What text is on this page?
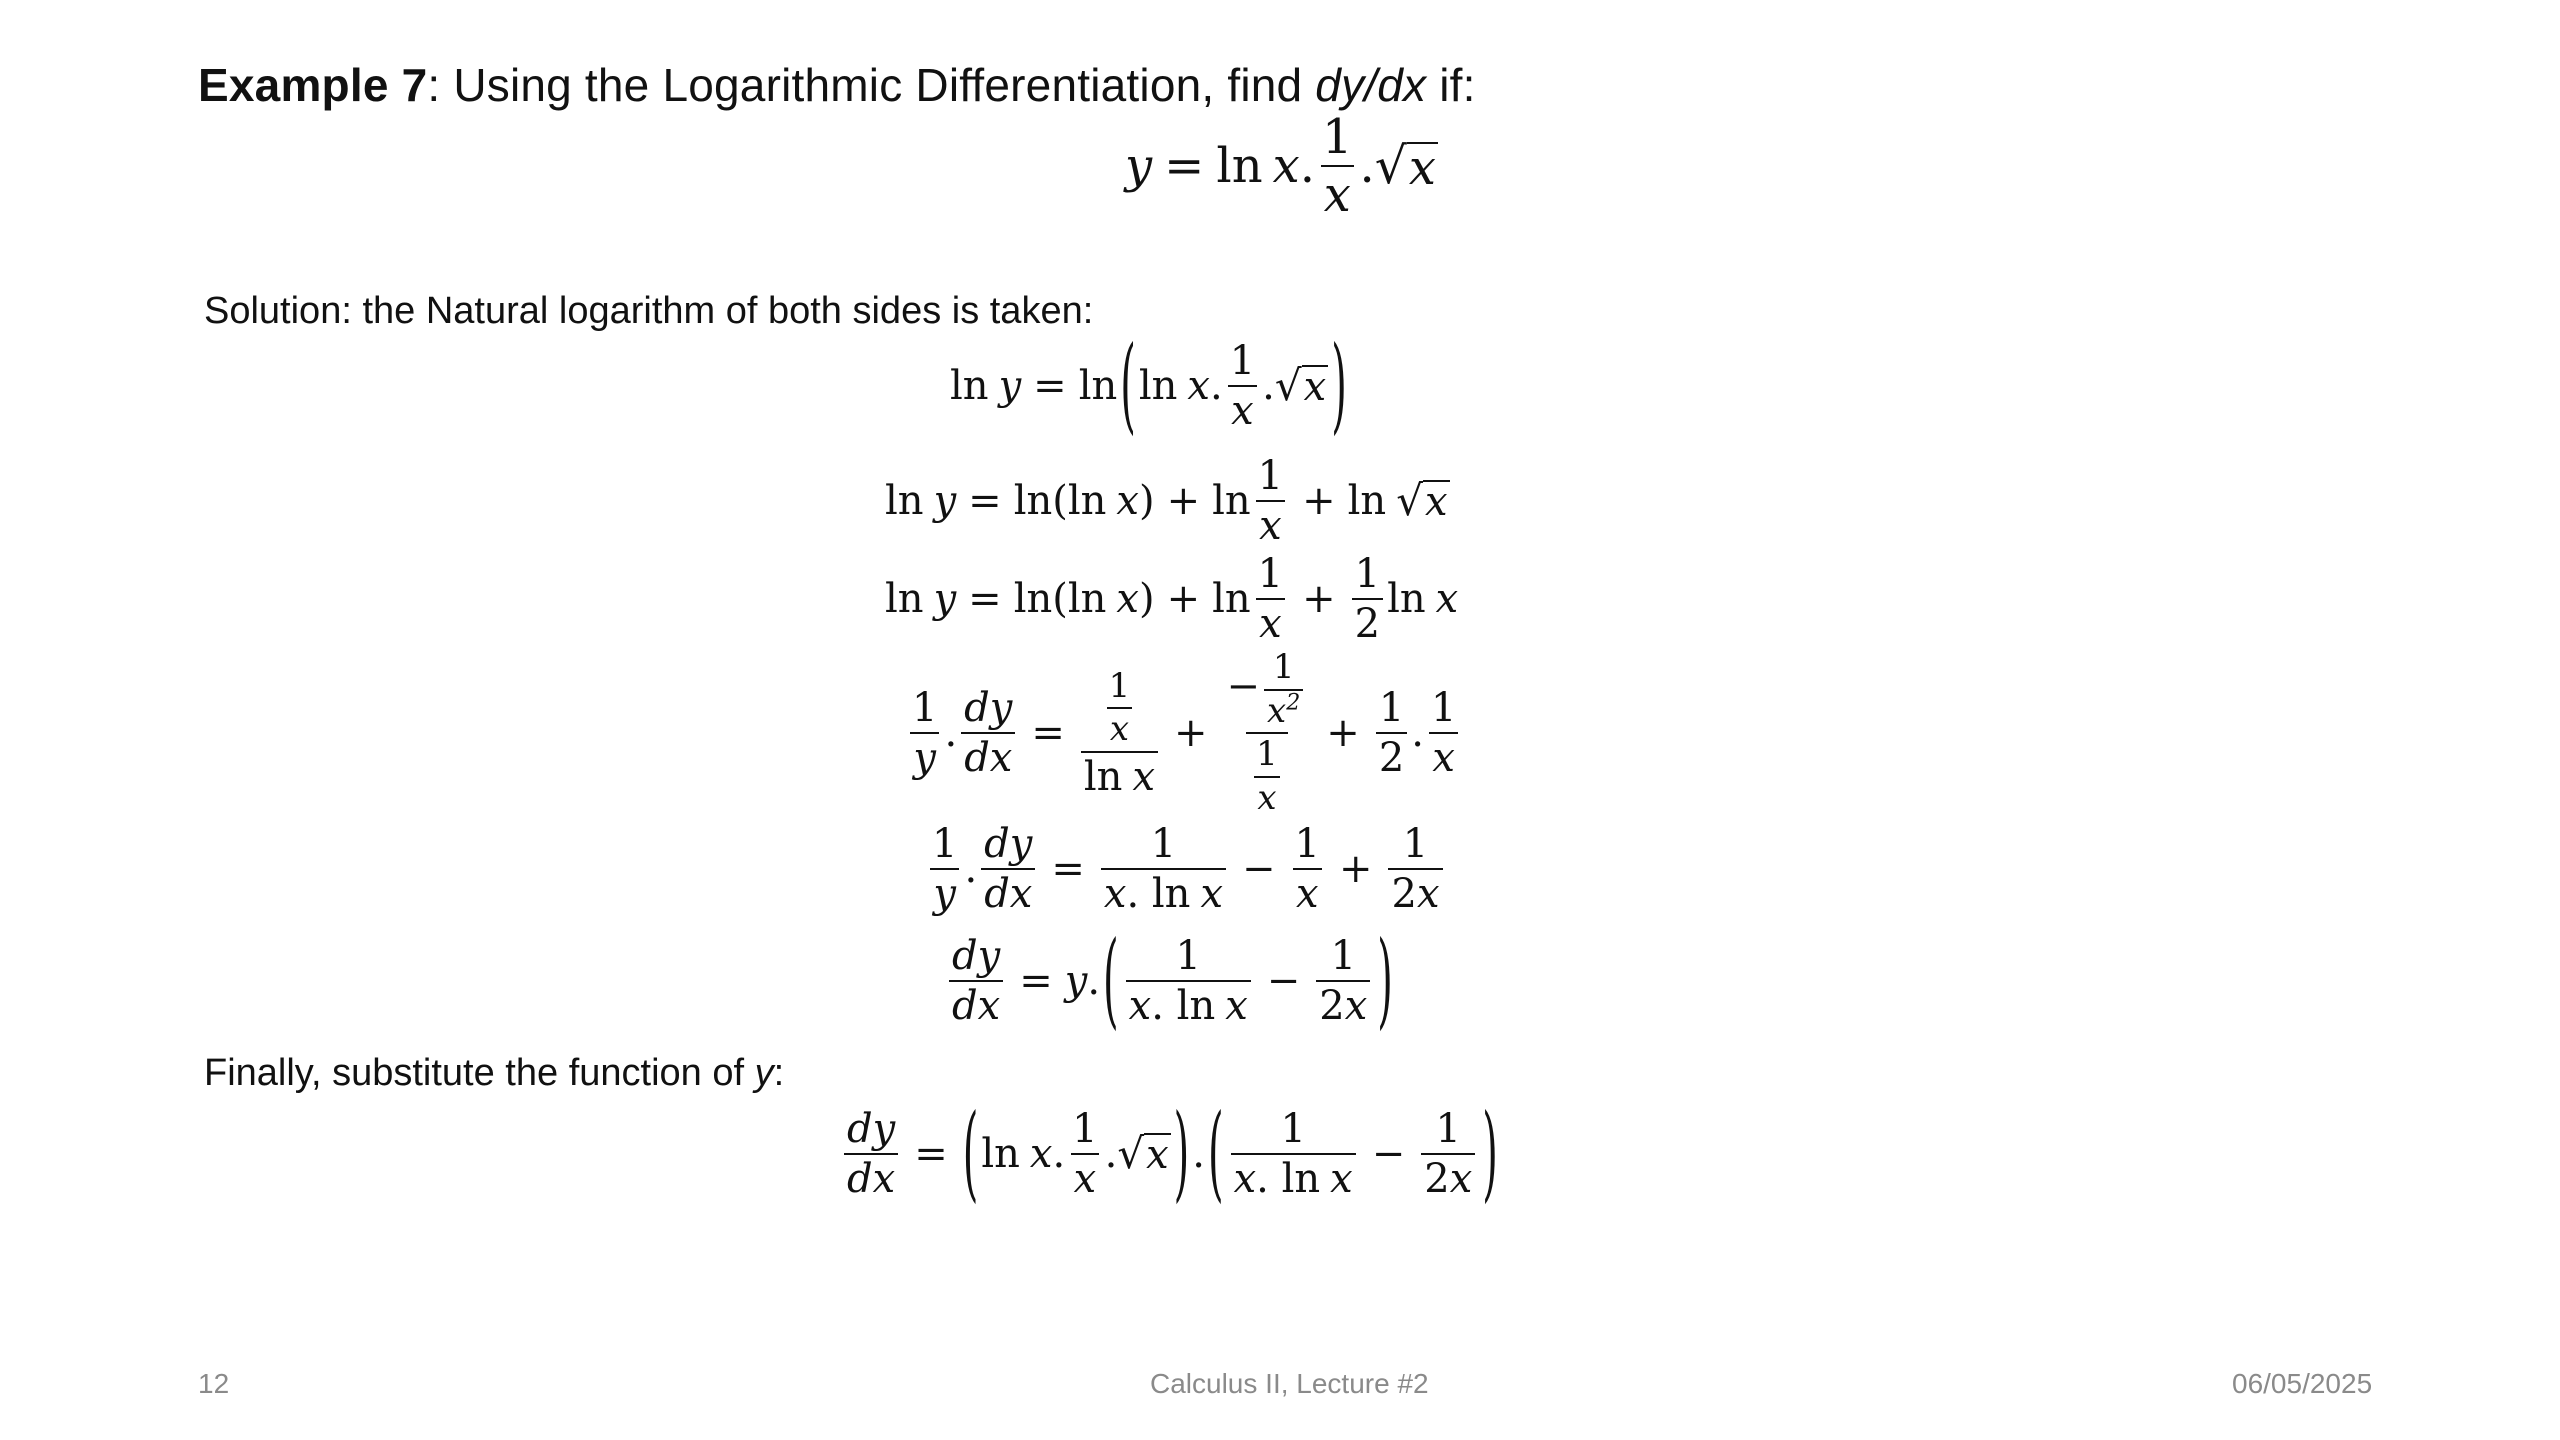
Example 7: Using the Logarithmic Differentiation, find dy/dx if:
y = ln x . $\frac{1}{x}$ . √ x
Solution: the Natural logarithm of both sides is taken:
ln y = ln ( ln x . $\frac{1}{x}$ . √ x )
ln y = ln(ln x ) + $\ln \frac{1}{x} + \ln$ √ x
ln y = ln(ln x ) + $\ln \frac{1}{x} + \frac{1}{2}$ ln x
$\frac{1}{y}$ . $\frac{dy}{dx} = \frac{\frac{1}{x}}{\text{ln x}} + \frac{- \frac{1}{x^2}}{\frac{1}{x}} + \frac{1}{2}$ . $\frac{1}{x}$
$\frac{1}{y}$ . $\frac{dy}{dx} = \frac{1}{\text{x. ln x}} - \frac{1}{x} + \frac{1}{2x}$
$\frac{dy}{dx} = y$ . ( $\frac{1}{\text{x. ln x}} - \frac{1}{2x}$ )
Finally, substitute the function of y:
$\frac{dy}{dx}$ = ( ln x . $\frac{1}{x}$ . √ x ) . ( $\frac{1}{\text{x. ln x}} - \frac{1}{2x}$ )
12	Calculus II, Lecture #2	06/05/2025
